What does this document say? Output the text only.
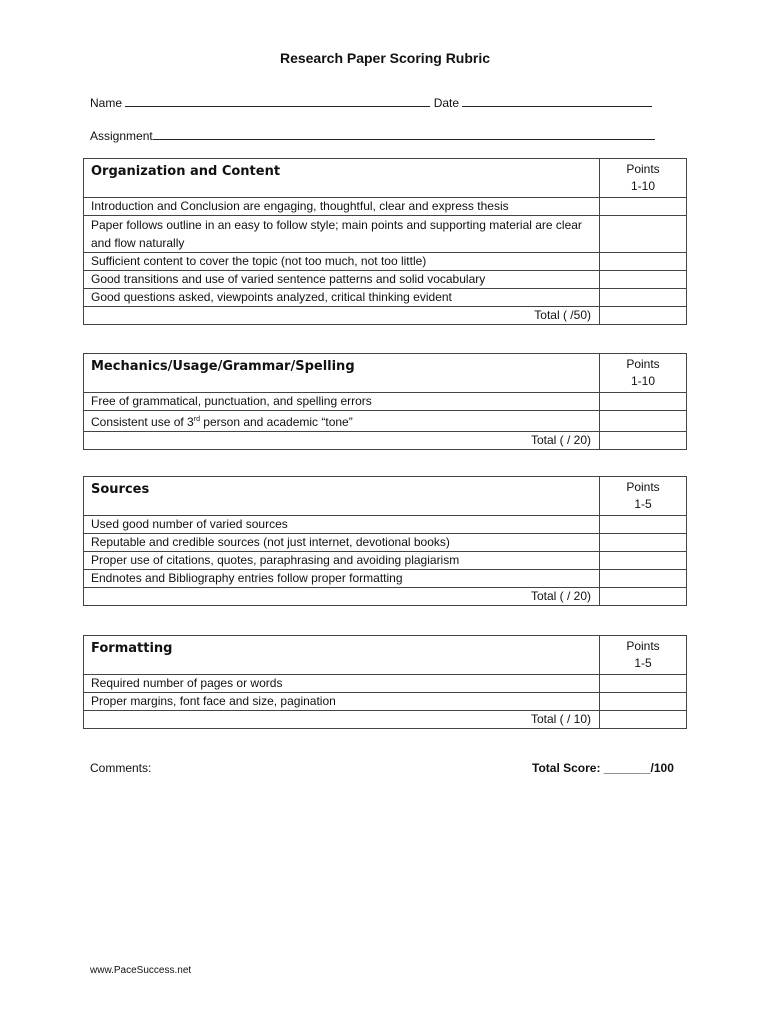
Research Paper Scoring Rubric
Name	Date
Assignment
Organization and Content	Points
1-10
Introduction and Conclusion are engaging, thoughtful, clear and express thesis	
Paper follows outline in an easy to follow style; main points and supporting material are clear and flow naturally	
Sufficient content to cover the topic (not too much, not too little)	
Good transitions and use of varied sentence patterns and solid vocabulary	
Good questions asked, viewpoints analyzed, critical thinking evident	
Total ( /50)	
Mechanics/Usage/Grammar/Spelling	Points
1-10
Free of grammatical, punctuation, and spelling errors	
Consistent use of 3rd person and academic “tone”	
Total ( / 20)	
Sources	Points
1-5
Used good number of varied sources	
Reputable and credible sources (not just internet, devotional books)	
Proper use of citations, quotes, paraphrasing and avoiding plagiarism	
Endnotes and Bibliography entries follow proper formatting	
Total ( / 20)	
Formatting	Points
1-5
Required number of pages or words	
Proper margins, font face and size, pagination	
Total ( / 10)	
Comments:	Total Score: _______/100
www.PaceSuccess.net
